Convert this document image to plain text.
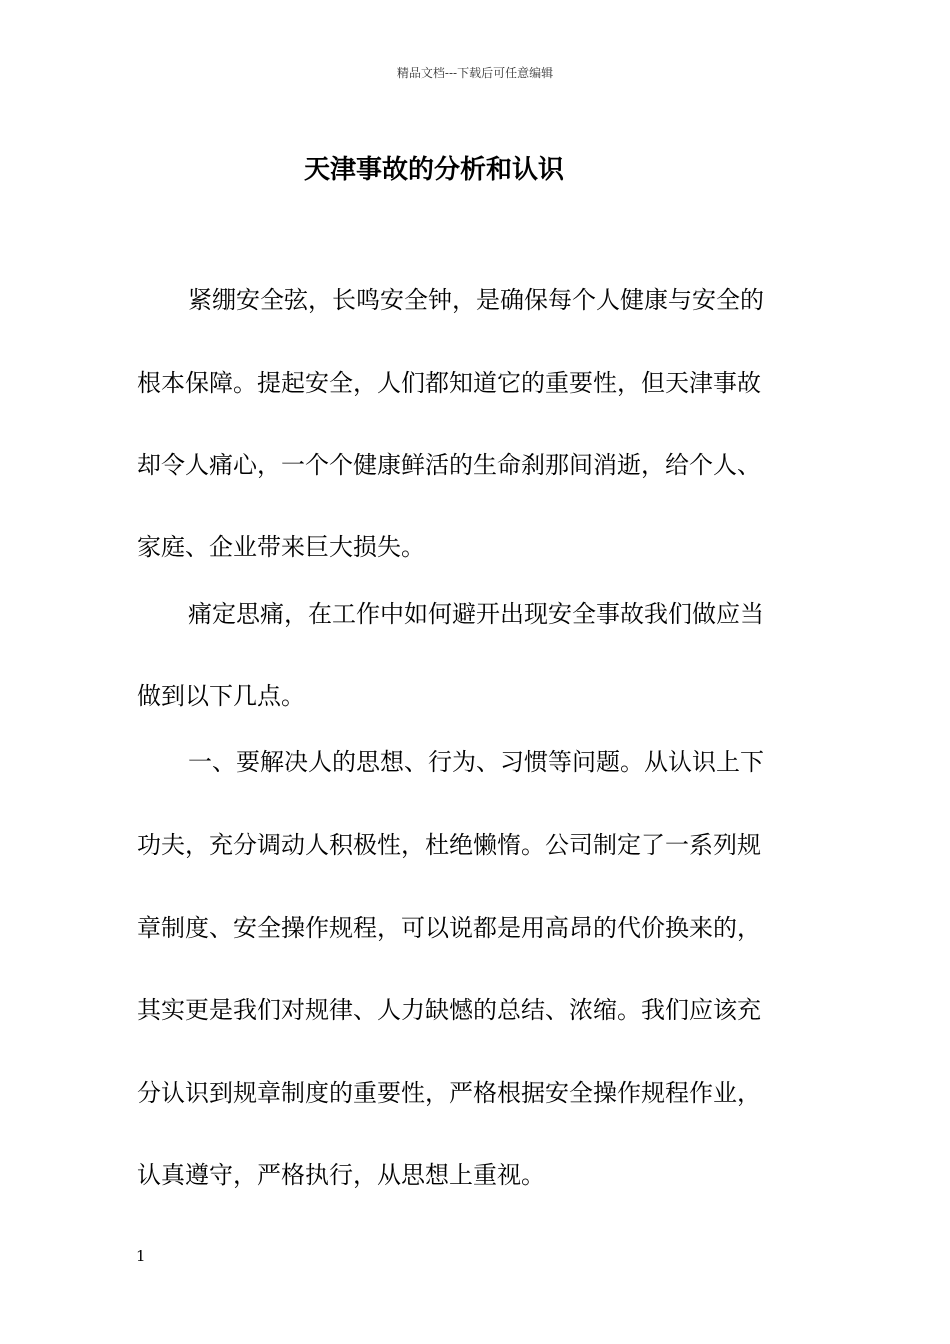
精品文档---下载后可任意编辑
天津事故的分析和认识
紧绷安全弦，长鸣安全钟，是确保每个人健康与安全的
根本保障。提起安全，人们都知道它的重要性，但天津事故
却令人痛心，一个个健康鲜活的生命刹那间消逝，给个人、
家庭、企业带来巨大损失。
痛定思痛，在工作中如何避开出现安全事故我们做应当
做到以下几点。
一、要解决人的思想、行为、习惯等问题。从认识上下
功夫，充分调动人积极性，杜绝懒惰。公司制定了一系列规
章制度、安全操作规程，可以说都是用高昂的代价换来的，
其实更是我们对规律、人力缺憾的总结、浓缩。我们应该充
分认识到规章制度的重要性，严格根据安全操作规程作业，
认真遵守，严格执行，从思想上重视。
1
